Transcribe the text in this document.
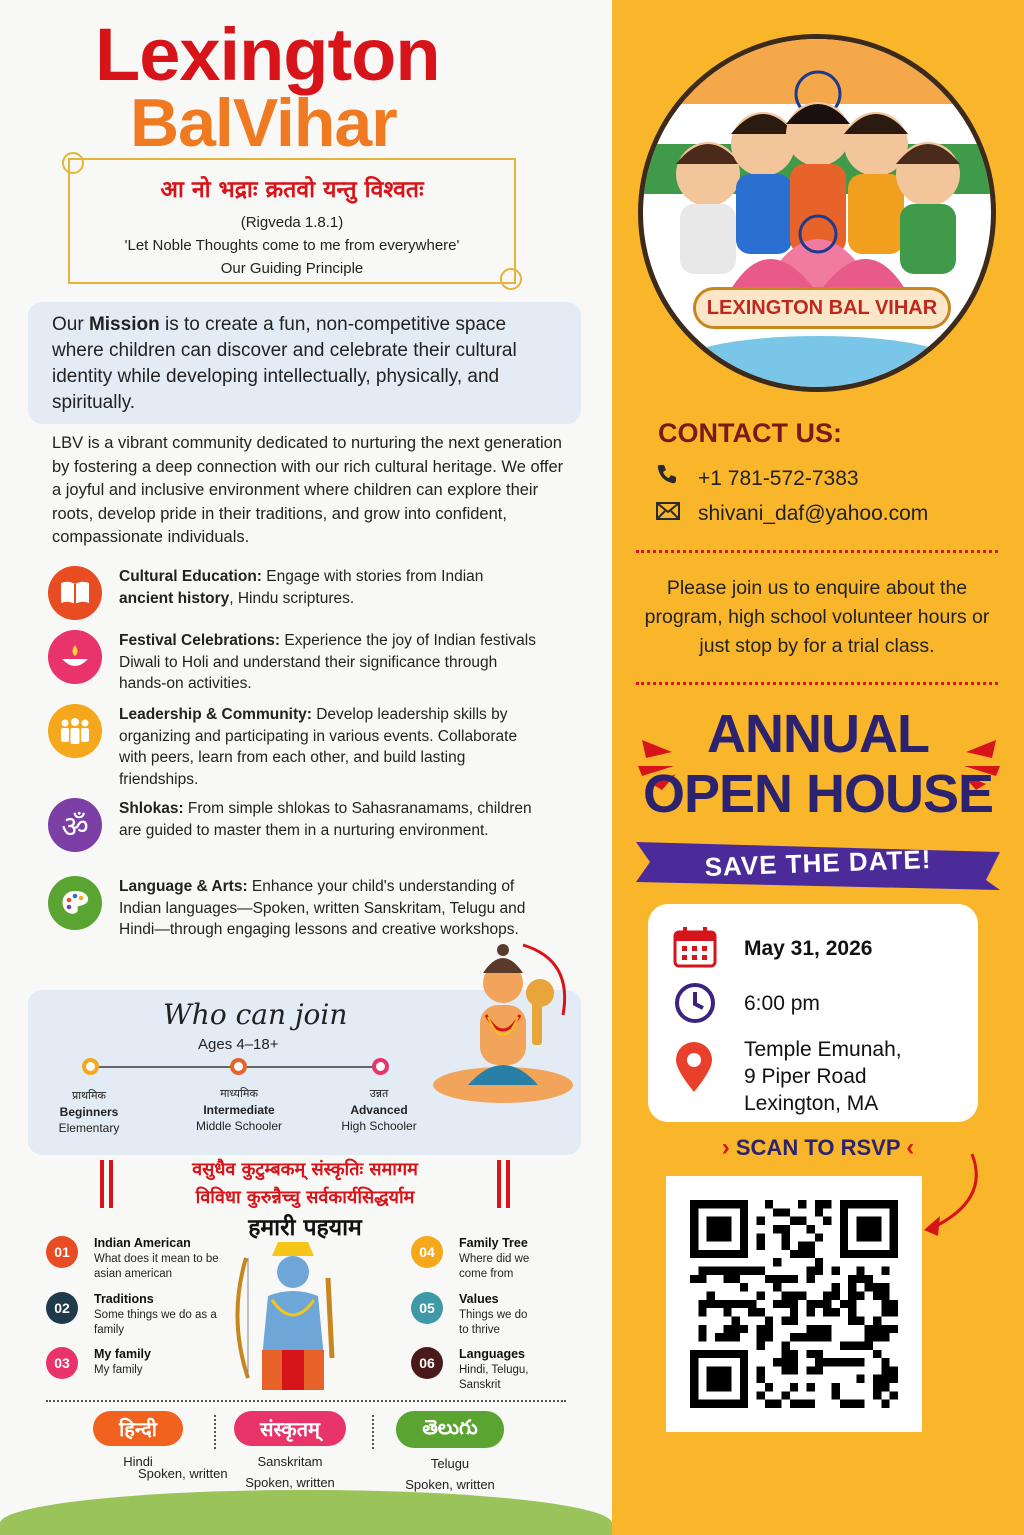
Lexington
BalVihar
आ नो भद्राः क्रतवो यन्तु विश्वतः
(Rigveda 1.8.1)
'Let Noble Thoughts come to me from everywhere'
Our Guiding Principle
Our Mission is to create a fun, non-competitive space where children can discover and celebrate their cultural identity while developing intellectually, physically, and spiritually.
LBV is a vibrant community dedicated to nurturing the next generation by fostering a deep connection with our rich cultural heritage. We offer a joyful and inclusive environment where children can explore their roots, develop pride in their traditions, and grow into confident, compassionate individuals.
Cultural Education: Engage with stories from Indian ancient history, Hindu scriptures.
Festival Celebrations: Experience the joy of Indian festivals Diwali to Holi and understand their significance through hands-on activities.
Leadership & Community: Develop leadership skills by organizing and participating in various events. Collaborate with peers, learn from each other, and build lasting friendships.
ॐ
Shlokas: From simple shlokas to Sahasranamams, children are guided to master them in a nurturing environment.
Language & Arts: Enhance your child's understanding of Indian languages—Spoken, written Sanskritam, Telugu and Hindi—through engaging lessons and creative workshops.
Who can join
Ages 4–18+
प्राथमिक
Beginners
Elementary
माध्यमिक
Intermediate
Middle Schooler
उन्नत
Advanced
High Schooler
वसुधैव कुटुम्बकम् संस्कृतिः समागम
विविधा कुरुन्नैच्चु सर्वकार्यसिद्धर्याम
हमारी पहयाम
01
Indian American
What does it mean to be asian american
02
Traditions
Some things we do as a family
03
My family
My family
04
Family Tree
Where did we come from
05
Values
Things we do to thrive
06
Languages
Hindi, Telugu, Sanskrit
हिन्दी
Hindi
संस्कृतम्
Sanskritam
Spoken, written
తెలుగు
Telugu
Spoken, written
Spoken, written
LEXINGTON BAL VIHAR
CONTACT US:
+1 781-572-7383
shivani_daf@yahoo.com
Please join us to enquire about the program, high school volunteer hours or just stop by for a trial class.
ANNUAL
OPEN HOUSE
SAVE THE DATE!
May 31, 2026
6:00 pm
Temple Emunah,
9 Piper Road
Lexington, MA
› SCAN TO RSVP ‹
